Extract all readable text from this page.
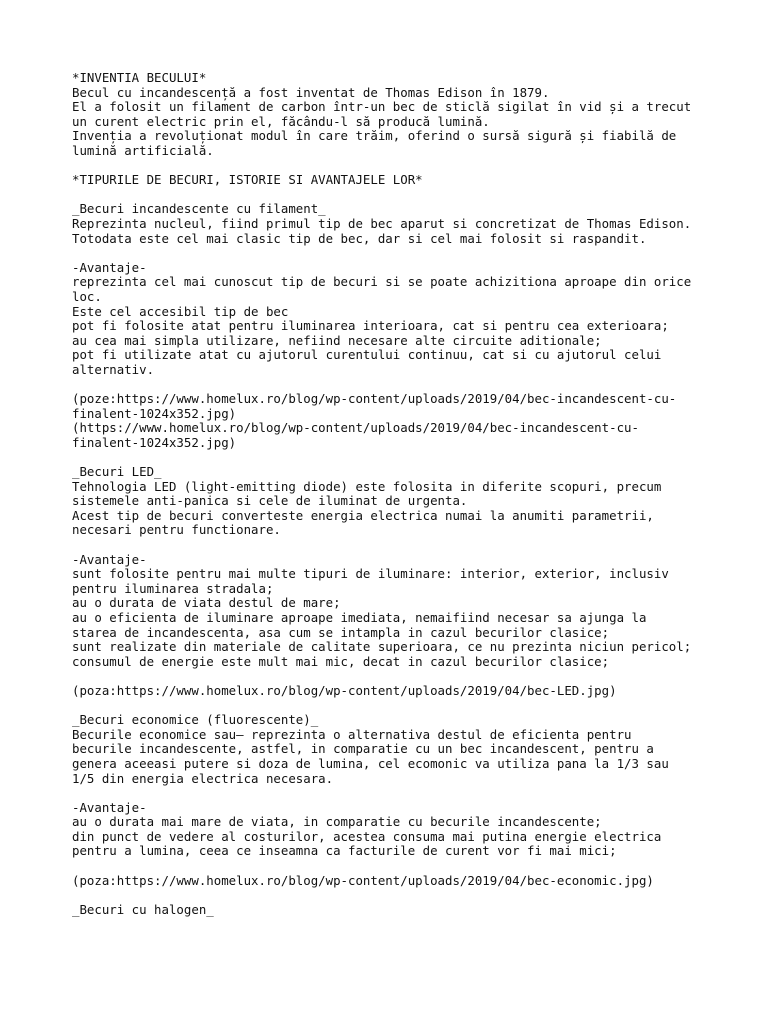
*INVENTIA BECULUI*
Becul cu incandescență a fost inventat de Thomas Edison în 1879.
El a folosit un filament de carbon într-un bec de sticlă sigilat în vid și a trecut
un curent electric prin el, făcându-l să producă lumină.
Invenția a revoluționat modul în care trăim, oferind o sursă sigură și fiabilă de
lumină artificială.
*TIPURILE DE BECURI, ISTORIE SI AVANTAJELE LOR*
_Becuri incandescente cu filament_
Reprezinta nucleul, fiind primul tip de bec aparut si concretizat de Thomas Edison.
Totodata este cel mai clasic tip de bec, dar si cel mai folosit si raspandit.
-Avantaje-
reprezinta cel mai cunoscut tip de becuri si se poate achizitiona aproape din orice
loc.
Este cel accesibil tip de bec
pot fi folosite atat pentru iluminarea interioara, cat si pentru cea exterioara;
au cea mai simpla utilizare, nefiind necesare alte circuite aditionale;
pot fi utilizate atat cu ajutorul curentului continuu, cat si cu ajutorul celui
alternativ.
(poze:https://www.homelux.ro/blog/wp-content/uploads/2019/04/bec-incandescent-cu-
finalent-1024x352.jpg)
(https://www.homelux.ro/blog/wp-content/uploads/2019/04/bec-incandescent-cu-
finalent-1024x352.jpg)
_Becuri LED_
Tehnologia LED (light-emitting diode) este folosita in diferite scopuri, precum
sistemele anti-panica si cele de iluminat de urgenta.
Acest tip de becuri converteste energia electrica numai la anumiti parametrii,
necesari pentru functionare.
-Avantaje-
sunt folosite pentru mai multe tipuri de iluminare: interior, exterior, inclusiv
pentru iluminarea stradala;
au o durata de viata destul de mare;
au o eficienta de iluminare aproape imediata, nemaifiind necesar sa ajunga la
starea de incandescenta, asa cum se intampla in cazul becurilor clasice;
sunt realizate din materiale de calitate superioara, ce nu prezinta niciun pericol;
consumul de energie este mult mai mic, decat in cazul becurilor clasice;
(poza:https://www.homelux.ro/blog/wp-content/uploads/2019/04/bec-LED.jpg)
_Becuri economice (fluorescente)_
Becurile economice sau– reprezinta o alternativa destul de eficienta pentru
becurile incandescente, astfel, in comparatie cu un bec incandescent, pentru a
genera aceeasi putere si doza de lumina, cel ecomonic va utiliza pana la 1/3 sau
1/5 din energia electrica necesara.
-Avantaje-
au o durata mai mare de viata, in comparatie cu becurile incandescente;
din punct de vedere al costurilor, acestea consuma mai putina energie electrica
pentru a lumina, ceea ce inseamna ca facturile de curent vor fi mai mici;
(poza:https://www.homelux.ro/blog/wp-content/uploads/2019/04/bec-economic.jpg)
_Becuri cu halogen_
